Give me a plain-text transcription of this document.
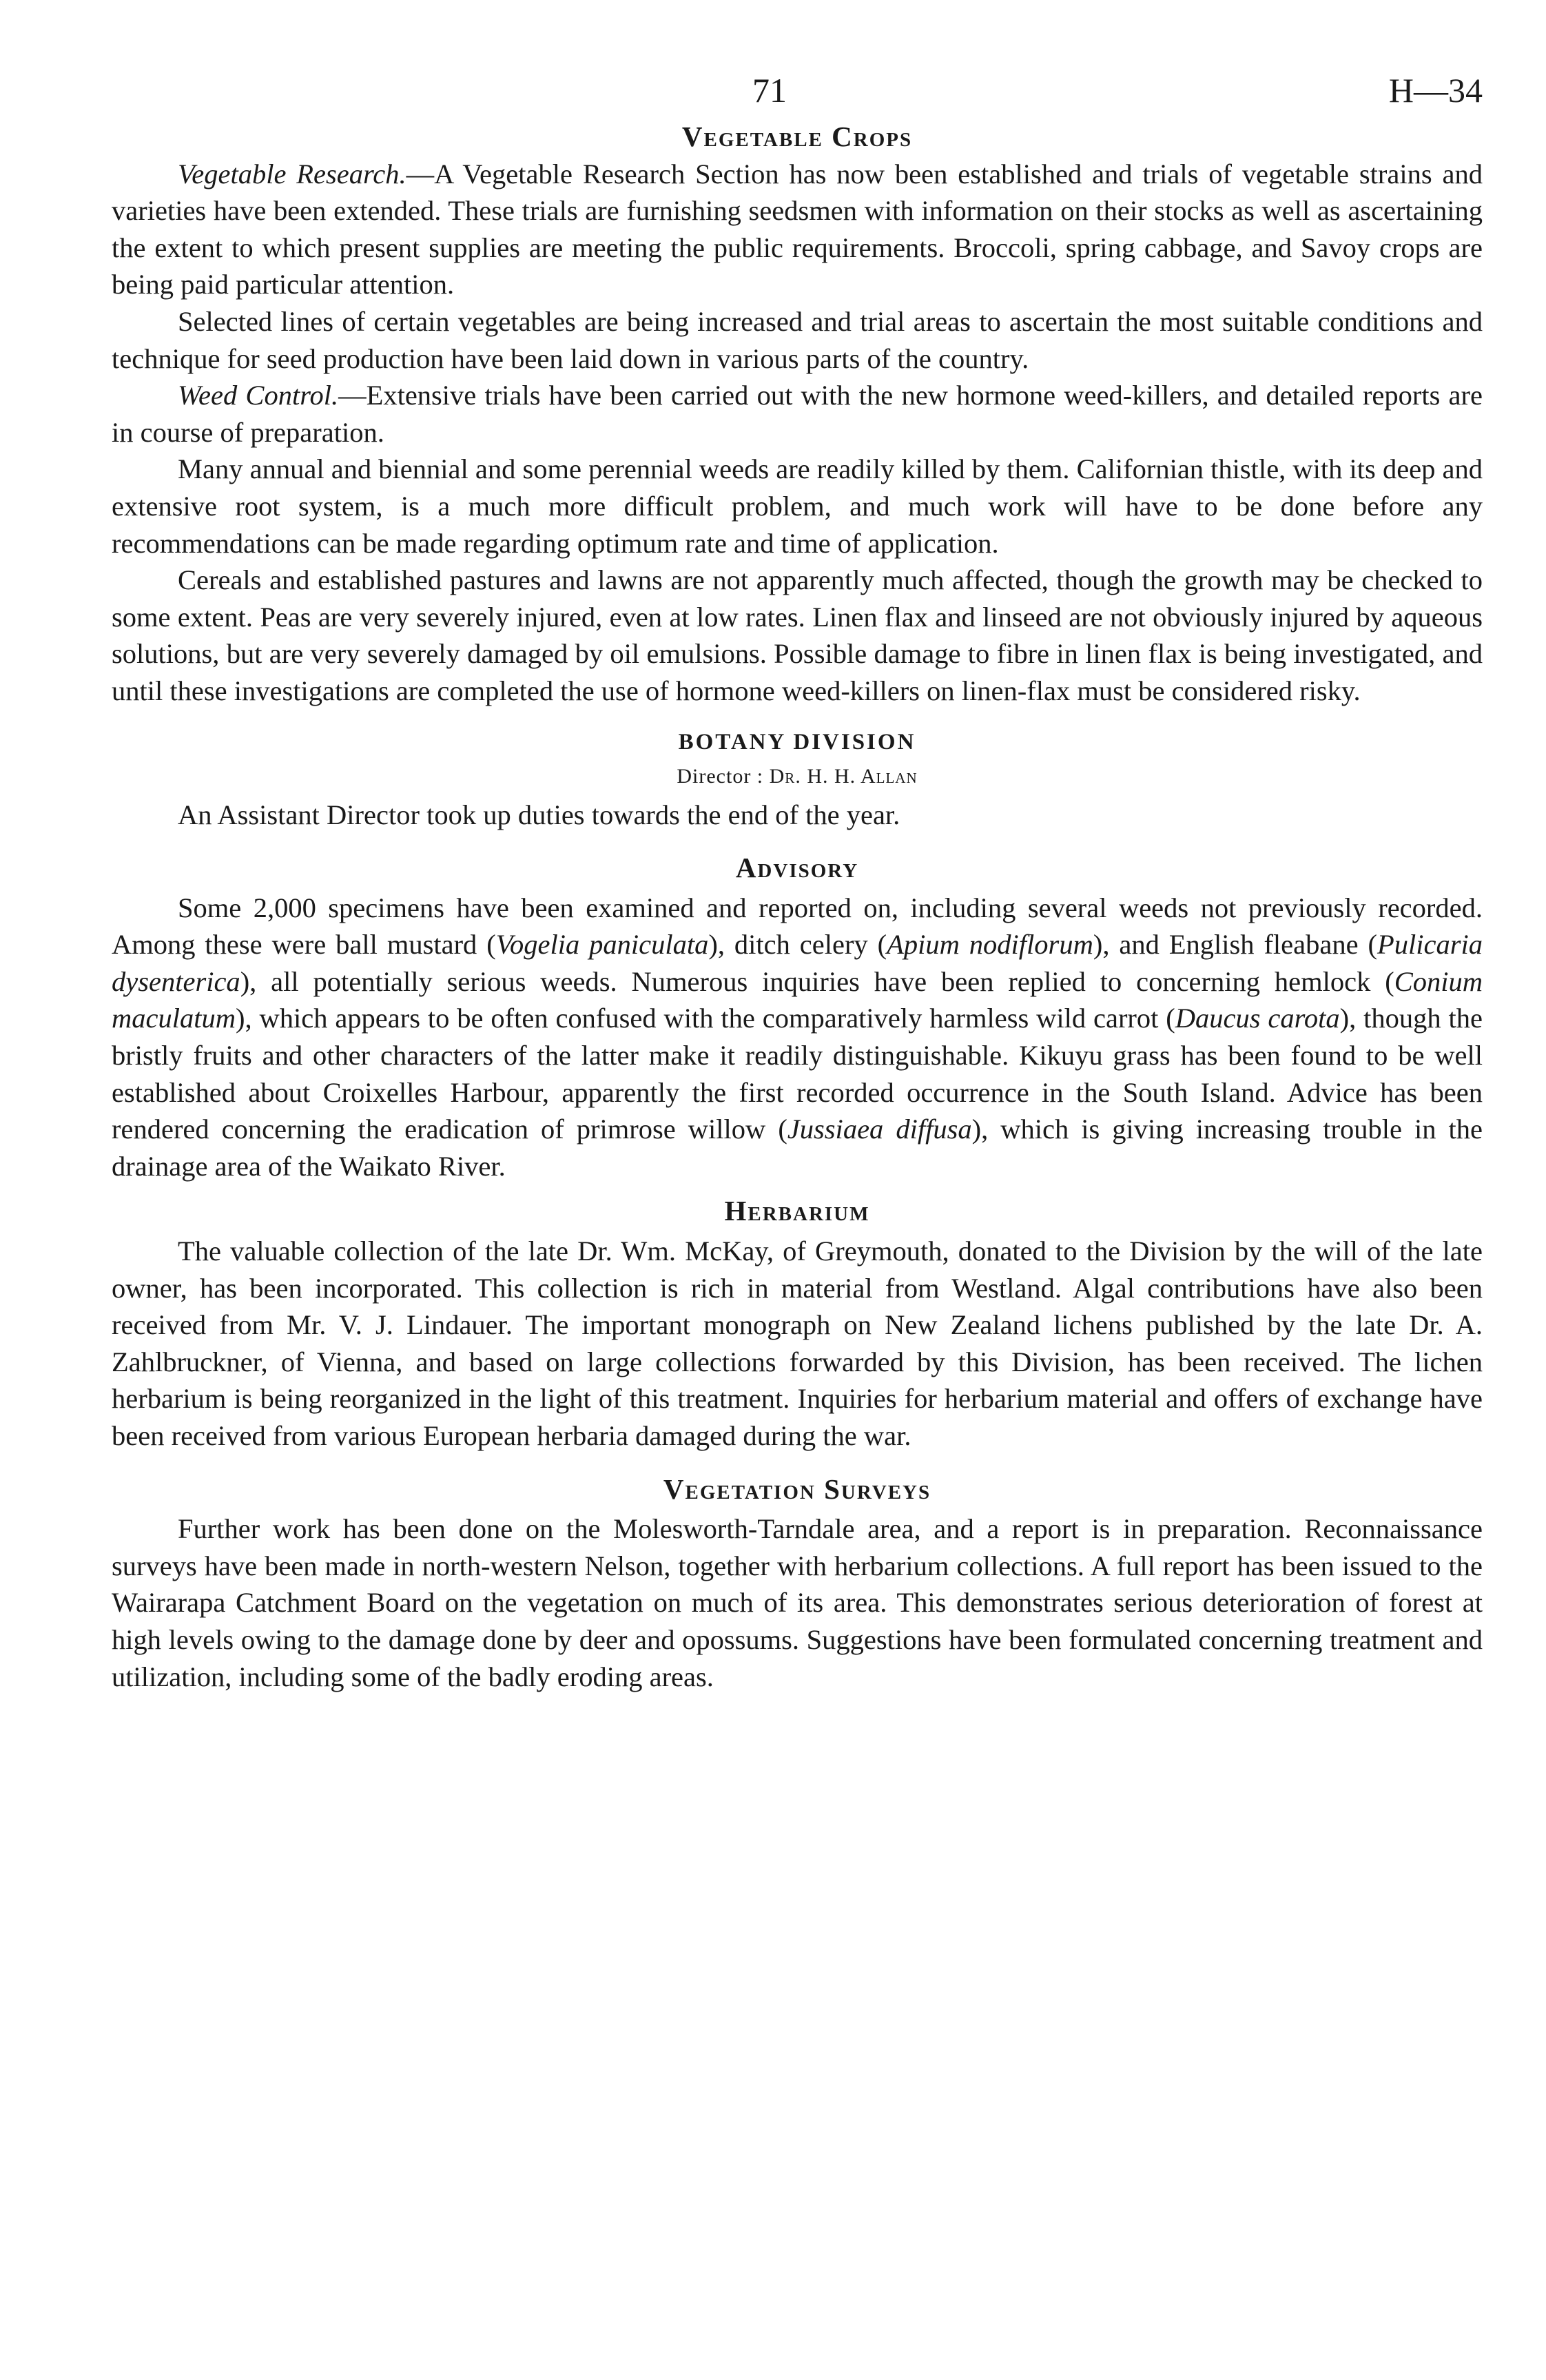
71	H—34
Vegetable Crops

Vegetable Research.—A Vegetable Research Section has now been established and trials of vegetable strains and varieties have been extended. These trials are furnishing seedsmen with information on their stocks as well as ascertaining the extent to which present supplies are meeting the public requirements. Broccoli, spring cabbage, and Savoy crops are being paid particular attention.

Selected lines of certain vegetables are being increased and trial areas to ascertain the most suitable conditions and technique for seed production have been laid down in various parts of the country.

Weed Control.—Extensive trials have been carried out with the new hormone weed-killers, and detailed reports are in course of preparation.

Many annual and biennial and some perennial weeds are readily killed by them. Californian thistle, with its deep and extensive root system, is a much more difficult problem, and much work will have to be done before any recommendations can be made regarding optimum rate and time of application.

Cereals and established pastures and lawns are not apparently much affected, though the growth may be checked to some extent. Peas are very severely injured, even at low rates. Linen flax and linseed are not obviously injured by aqueous solutions, but are very severely damaged by oil emulsions. Possible damage to fibre in linen flax is being investigated, and until these investigations are completed the use of hormone weed-killers on linen-flax must be considered risky.

BOTANY DIVISION
Director : Dr. H. H. Allan

An Assistant Director took up duties towards the end of the year.

Advisory

Some 2,000 specimens have been examined and reported on, including several weeds not previously recorded. Among these were ball mustard (Vogelia paniculata), ditch celery (Apium nodiflorum), and English fleabane (Pulicaria dysenterica), all potentially serious weeds. Numerous inquiries have been replied to concerning hemlock (Conium maculatum), which appears to be often confused with the comparatively harmless wild carrot (Daucus carota), though the bristly fruits and other characters of the latter make it readily distinguishable. Kikuyu grass has been found to be well established about Croixelles Harbour, apparently the first recorded occurrence in the South Island. Advice has been rendered concerning the eradication of primrose willow (Jussiaea diffusa), which is giving increasing trouble in the drainage area of the Waikato River.

Herbarium

The valuable collection of the late Dr. Wm. McKay, of Greymouth, donated to the Division by the will of the late owner, has been incorporated. This collection is rich in material from Westland. Algal contributions have also been received from Mr. V. J. Lindauer. The important monograph on New Zealand lichens published by the late Dr. A. Zahlbruckner, of Vienna, and based on large collections forwarded by this Division, has been received. The lichen herbarium is being reorganized in the light of this treatment. Inquiries for herbarium material and offers of exchange have been received from various European herbaria damaged during the war.

Vegetation Surveys

Further work has been done on the Molesworth-Tarndale area, and a report is in preparation. Reconnaissance surveys have been made in north-western Nelson, together with herbarium collections. A full report has been issued to the Wairarapa Catchment Board on the vegetation on much of its area. This demonstrates serious deterioration of forest at high levels owing to the damage done by deer and opossums. Suggestions have been formulated concerning treatment and utilization, including some of the badly eroding areas.
